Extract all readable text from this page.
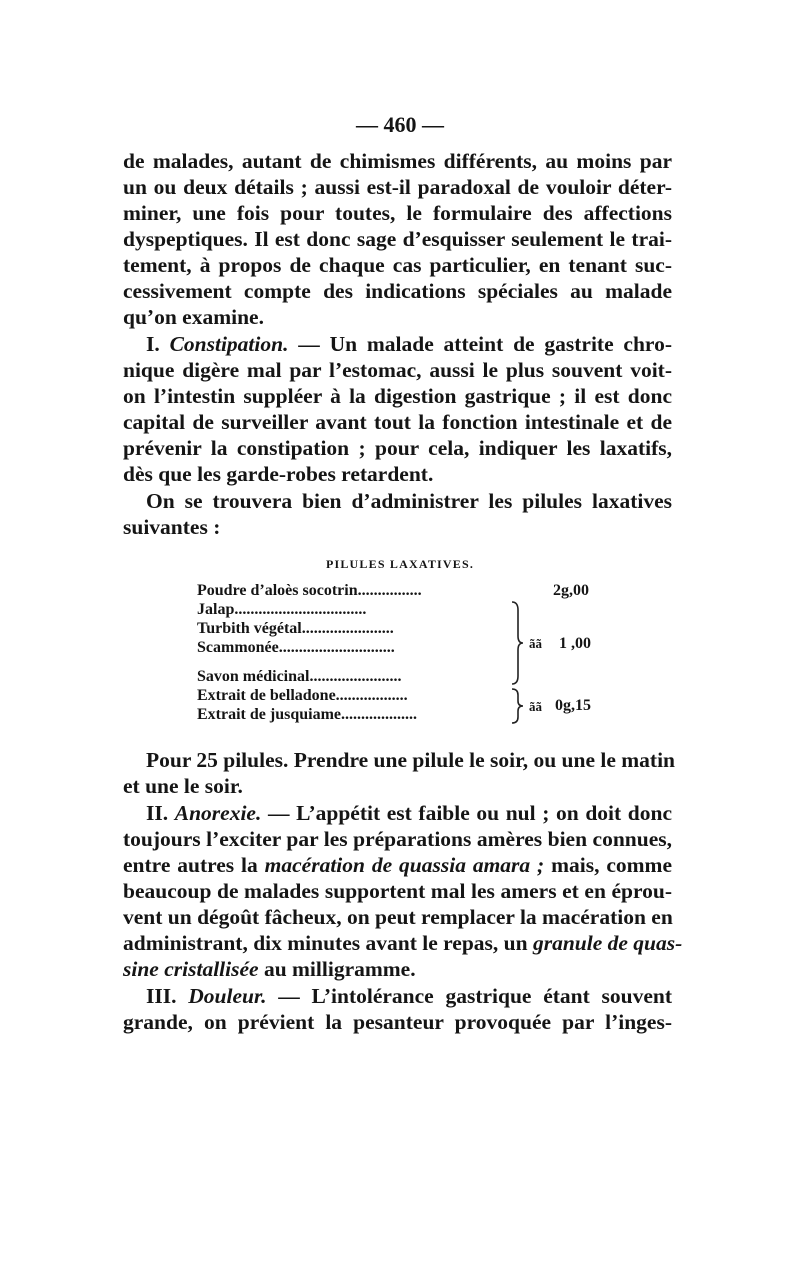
— 460 —
de malades, autant de chimismes différents, au moins par
un ou deux détails ; aussi est-il paradoxal de vouloir déter-
miner, une fois pour toutes, le formulaire des affections
dyspeptiques. Il est donc sage d’esquisser seulement le trai-
tement, à propos de chaque cas particulier, en tenant suc-
cessivement compte des indications spéciales au malade
qu’on examine.
I. Constipation. — Un malade atteint de gastrite chro-
nique digère mal par l’estomac, aussi le plus souvent voit-
on l’intestin suppléer à la digestion gastrique ; il est donc
capital de surveiller avant tout la fonction intestinale et de
prévenir la constipation ; pour cela, indiquer les laxatifs,
dès que les garde-robes retardent.
On se trouvera bien d’administrer les pilules laxatives
suivantes :
PILULES LAXATIVES.
Poudre d’aloès socotrin................
Jalap.................................
Turbith végétal.......................
Scammonée.............................
Savon médicinal.......................
Extrait de belladone..................
Extrait de jusquiame...................
2g,00
ãã 1 ,00
ãã 0g,15
Pour 25 pilules. Prendre une pilule le soir, ou une le matin
et une le soir.
II. Anorexie. — L’appétit est faible ou nul ; on doit donc
toujours l’exciter par les préparations amères bien connues,
entre autres la macération de quassia amara ; mais, comme
beaucoup de malades supportent mal les amers et en éprou-
vent un dégoût fâcheux, on peut remplacer la macération en
administrant, dix minutes avant le repas, un granule de quas-
sine cristallisée au milligramme.
III. Douleur. — L’intolérance gastrique étant souvent
grande, on prévient la pesanteur provoquée par l’inges-
